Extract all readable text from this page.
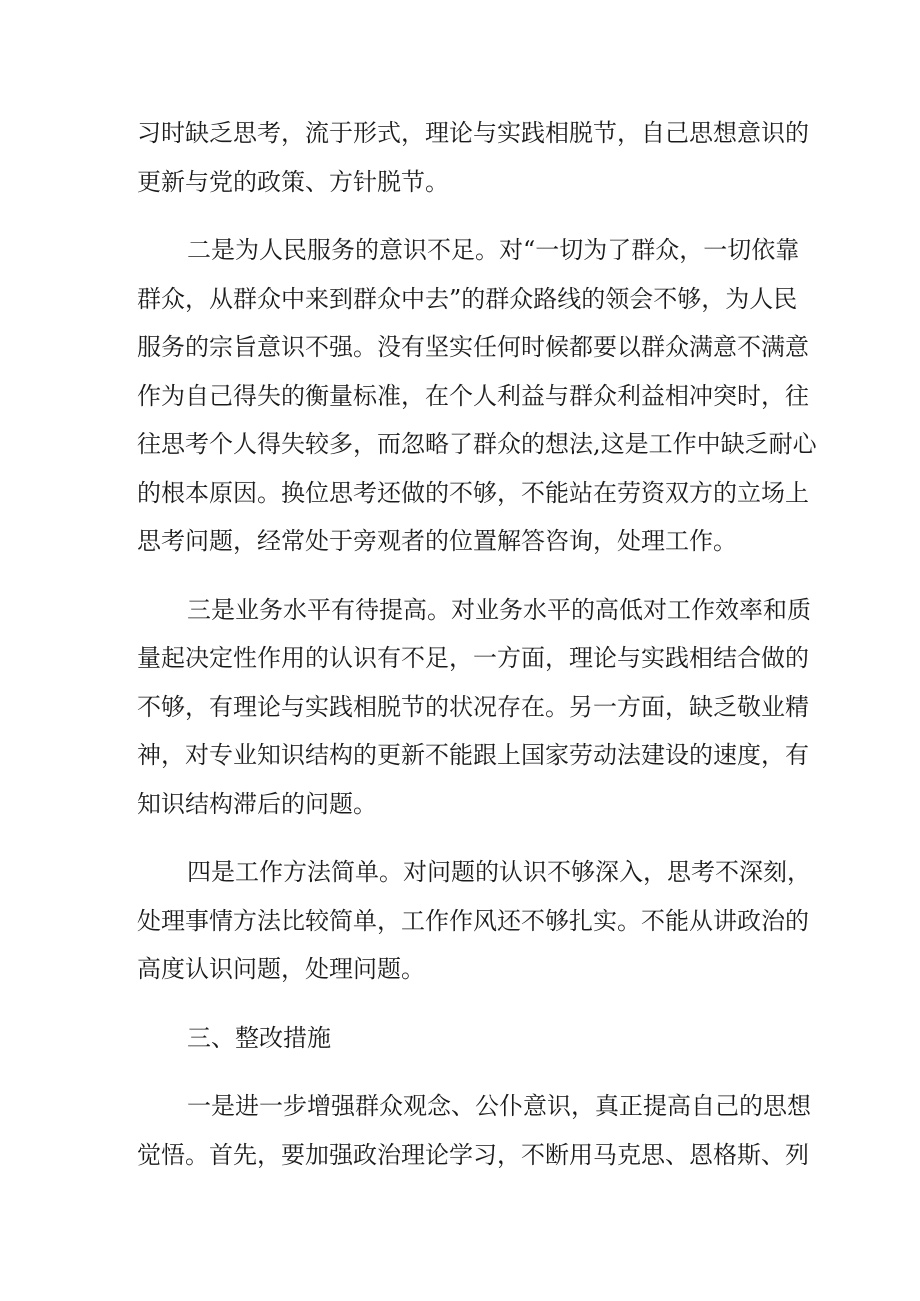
习时缺乏思考，流于形式，理论与实践相脱节，自己思想意识的
更新与党的政策、方针脱节。
二是为人民服务的意识不足。对“一切为了群众，一切依靠
群众，从群众中来到群众中去”的群众路线的领会不够，为人民
服务的宗旨意识不强。没有坚实任何时候都要以群众满意不满意
作为自己得失的衡量标准，在个人利益与群众利益相冲突时，往
往思考个人得失较多，而忽略了群众的想法,这是工作中缺乏耐心
的根本原因。换位思考还做的不够，不能站在劳资双方的立场上
思考问题，经常处于旁观者的位置解答咨询，处理工作。
三是业务水平有待提高。对业务水平的高低对工作效率和质
量起决定性作用的认识有不足，一方面，理论与实践相结合做的
不够，有理论与实践相脱节的状况存在。另一方面，缺乏敬业精
神，对专业知识结构的更新不能跟上国家劳动法建设的速度，有
知识结构滞后的问题。
四是工作方法简单。对问题的认识不够深入，思考不深刻，
处理事情方法比较简单，工作作风还不够扎实。不能从讲政治的
高度认识问题，处理问题。
三、整改措施
一是进一步增强群众观念、公仆意识，真正提高自己的思想
觉悟。首先，要加强政治理论学习，不断用马克思、恩格斯、列
